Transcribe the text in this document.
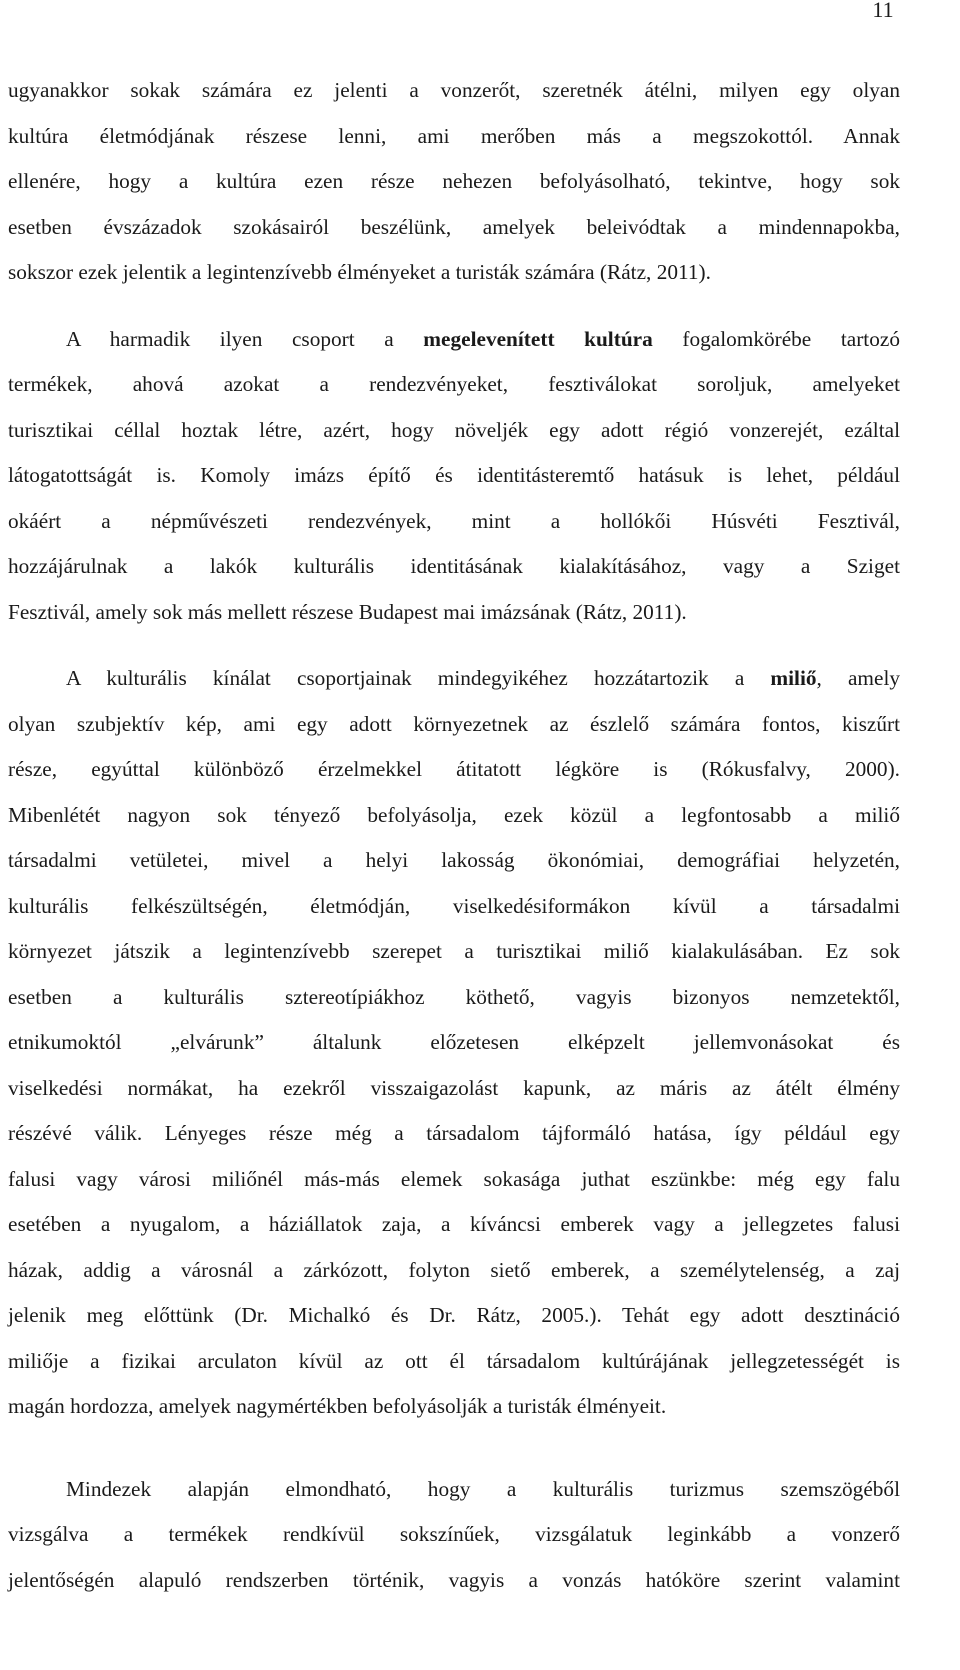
11

ugyanakkor sokak számára ez jelenti a vonzerőt, szeretnék átélni, milyen egy olyan
kultúra életmódjának részese lenni, ami merőben más a megszokottól. Annak
ellenére, hogy a kultúra ezen része nehezen befolyásolható, tekintve, hogy sok
esetben évszázadok szokásairól beszélünk, amelyek beleivódtak a mindennapokba,
sokszor ezek jelentik a legintenzívebb élményeket a turisták számára (Rátz, 2011).

A harmadik ilyen csoport a megelevenített kultúra fogalomkörébe tartozó
termékek, ahová azokat a rendezvényeket, fesztiválokat soroljuk, amelyeket
turisztikai céllal hoztak létre, azért, hogy növeljék egy adott régió vonzerejét, ezáltal
látogatottságát is. Komoly imázs építő és identitásteremtő hatásuk is lehet, például
okáért a népművészeti rendezvények, mint a hollókői Húsvéti Fesztivál,
hozzájárulnak a lakók kulturális identitásának kialakításához, vagy a Sziget
Fesztivál, amely sok más mellett részese Budapest mai imázsának (Rátz, 2011).

A kulturális kínálat csoportjainak mindegyikéhez hozzátartozik a miliő, amely
olyan szubjektív kép, ami egy adott környezetnek az észlelő számára fontos, kiszűrt
része, egyúttal különböző érzelmekkel átitatott légköre is (Rókusfalvy, 2000).
Mibenlétét nagyon sok tényező befolyásolja, ezek közül a legfontosabb a miliő
társadalmi vetületei, mivel a helyi lakosság ökonómiai, demográfiai helyzetén,
kulturális felkészültségén, életmódján, viselkedésiformákon kívül a társadalmi
környezet játszik a legintenzívebb szerepet a turisztikai miliő kialakulásában. Ez sok
esetben a kulturális sztereotípiákhoz köthető, vagyis bizonyos nemzetektől,
etnikumoktól „elvárunk” általunk előzetesen elképzelt jellemvonásokat és
viselkedési normákat, ha ezekről visszaigazolást kapunk, az máris az átélt élmény
részévé válik. Lényeges része még a társadalom tájformáló hatása, így például egy
falusi vagy városi miliőnél más-más elemek sokasága juthat eszünkbe: még egy falu
esetében a nyugalom, a háziállatok zaja, a kíváncsi emberek vagy a jellegzetes falusi
házak, addig a városnál a zárkózott, folyton siető emberek, a személytelenség, a zaj
jelenik meg előttünk (Dr. Michalkó és Dr. Rátz, 2005.). Tehát egy adott desztináció
miliője a fizikai arculaton kívül az ott él társadalom kultúrájának jellegzetességét is
magán hordozza, amelyek nagymértékben befolyásolják a turisták élményeit.

Mindezek alapján elmondható, hogy a kulturális turizmus szemszögéből
vizsgálva a termékek rendkívül sokszínűek, vizsgálatuk leginkább a vonzerő
jelentőségén alapuló rendszerben történik, vagyis a vonzás hatóköre szerint valamint
